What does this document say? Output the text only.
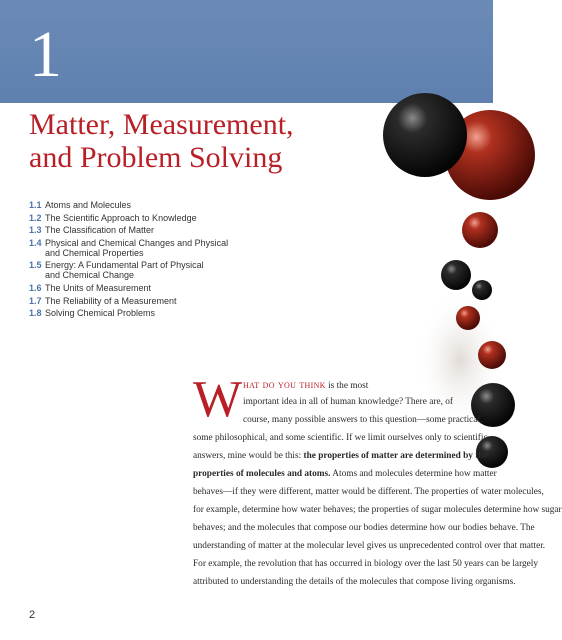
1
Matter, Measurement,
and Problem Solving
1.1 Atoms and Molecules
1.2 The Scientific Approach to Knowledge
1.3 The Classification of Matter
1.4 Physical and Chemical Changes and Physical
and Chemical Properties
1.5 Energy: A Fundamental Part of Physical
and Chemical Change
1.6 The Units of Measurement
1.7 The Reliability of a Measurement
1.8 Solving Chemical Problems
W hat do you think is the most
important idea in all of human knowledge? There are, of
course, many possible answers to this question—some practical,
some philosophical, and some scientific. If we limit ourselves only to scientific
answers, mine would be this: the properties of matter are determined by the
properties of molecules and atoms. Atoms and molecules determine how matter
behaves—if they were different, matter would be different. The properties of water molecules,
for example, determine how water behaves; the properties of sugar molecules determine how sugar
behaves; and the molecules that compose our bodies determine how our bodies behave. The
understanding of matter at the molecular level gives us unprecedented control over that matter.
For example, the revolution that has occurred in biology over the last 50 years can be largely
attributed to understanding the details of the molecules that compose living organisms.
2
